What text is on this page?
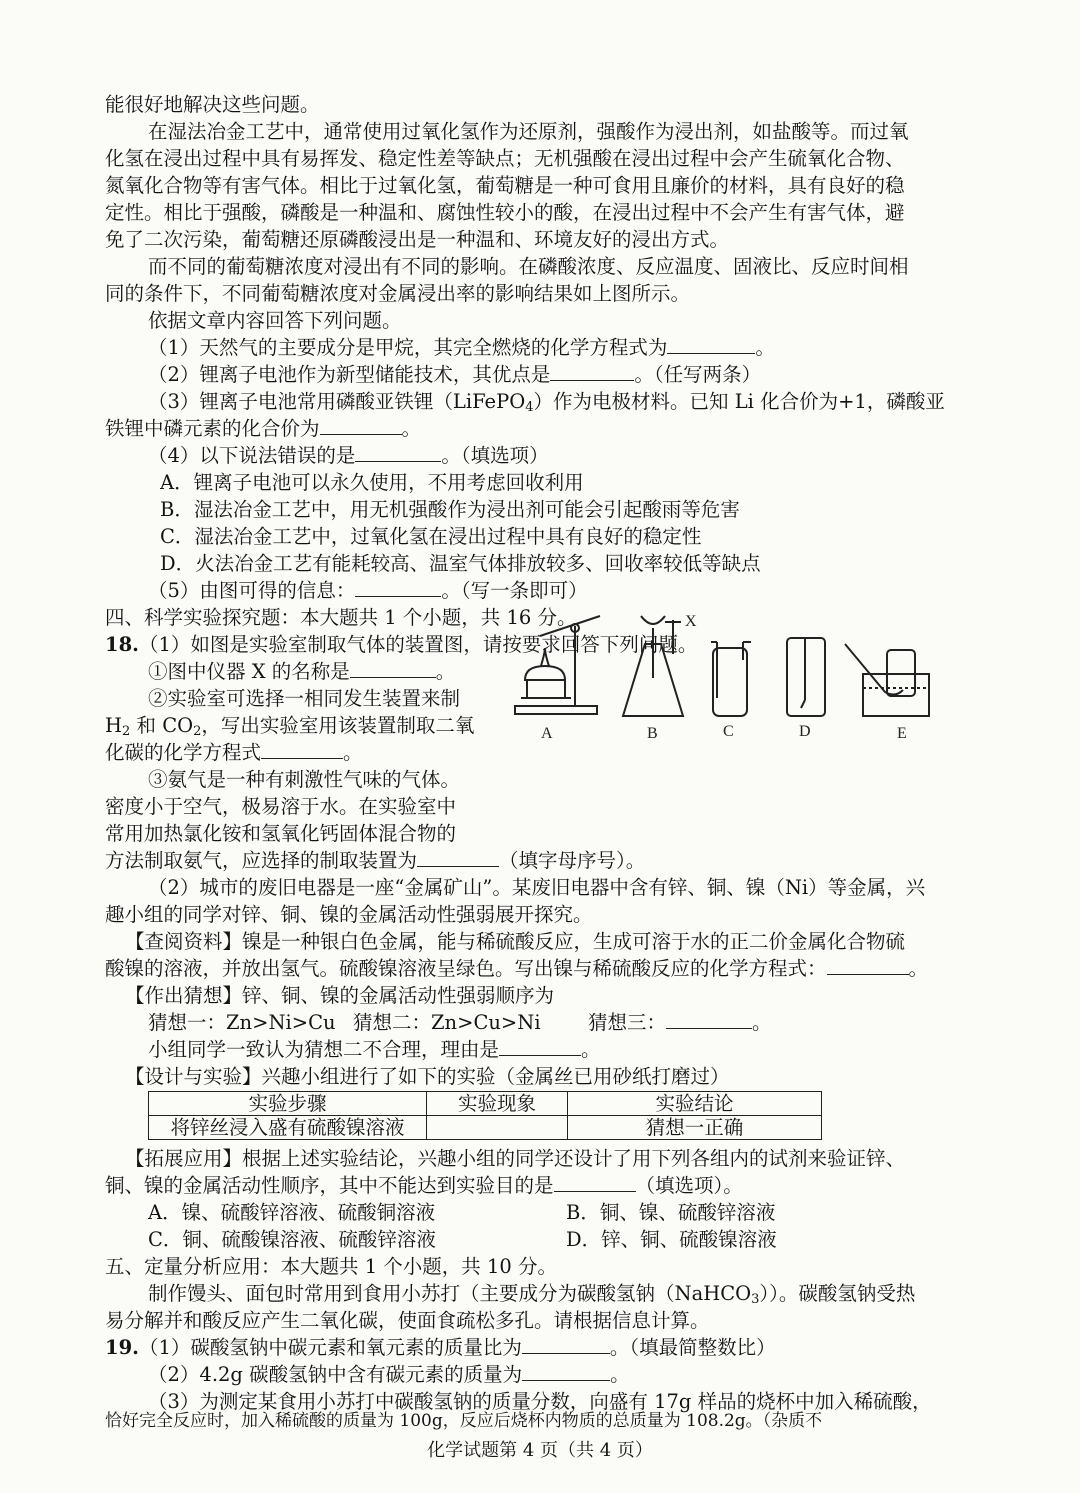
能很好地解决这些问题。
在湿法冶金工艺中，通常使用过氧化氢作为还原剂，强酸作为浸出剂，如盐酸等。而过氧
化氢在浸出过程中具有易挥发、稳定性差等缺点；无机强酸在浸出过程中会产生硫氧化合物、
氮氧化合物等有害气体。相比于过氧化氢，葡萄糖是一种可食用且廉价的材料，具有良好的稳
定性。相比于强酸，磷酸是一种温和、腐蚀性较小的酸，在浸出过程中不会产生有害气体，避
免了二次污染，葡萄糖还原磷酸浸出是一种温和、环境友好的浸出方式。
而不同的葡萄糖浓度对浸出有不同的影响。在磷酸浓度、反应温度、固液比、反应时间相
同的条件下，不同葡萄糖浓度对金属浸出率的影响结果如上图所示。
依据文章内容回答下列问题。
（1）天然气的主要成分是甲烷，其完全燃烧的化学方程式为	。
（2）锂离子电池作为新型储能技术，其优点是	。（任写两条）
（3）锂离子电池常用磷酸亚铁锂（LiFePO$_4$）作为电极材料。已知 Li 化合价为+1，磷酸亚
铁锂中磷元素的化合价为	。
（4）以下说法错误的是	。（填选项）
A．锂离子电池可以永久使用，不用考虑回收利用
B．湿法冶金工艺中，用无机强酸作为浸出剂可能会引起酸雨等危害
C．湿法冶金工艺中，过氧化氢在浸出过程中具有良好的稳定性
D．火法冶金工艺有能耗较高、温室气体排放较多、回收率较低等缺点
（5）由图可得的信息：	。（写一条即可）
四、科学实验探究题：本大题共 1 个小题，共 16 分。
18.（1）如图是实验室制取气体的装置图，请按要求回答下列问题。
①图中仪器 X 的名称是	。
②实验室可选择一相同发生装置来制
$H_2$ 和 $CO_2$，写出实验室用该装置制取二氧
化碳的化学方程式	。
③氨气是一种有刺激性气味的气体。
密度小于空气，极易溶于水。在实验室中
常用加热氯化铵和氢氧化钙固体混合物的
方法制取氨气，应选择的制取装置为	（填字母序号）。
A	B	C	D	E
X
（2）城市的废旧电器是一座“金属矿山”。某废旧电器中含有锌、铜、镍（Ni）等金属，兴
趣小组的同学对锌、铜、镍的金属活动性强弱展开探究。
【查阅资料】镍是一种银白色金属，能与稀硫酸反应，生成可溶于水的正二价金属化合物硫
酸镍的溶液，并放出氢气。硫酸镍溶液呈绿色。写出镍与稀硫酸反应的化学方程式：	。
【作出猜想】锌、铜、镍的金属活动性强弱顺序为
猜想一：Zn>Ni>Cu 猜想二：Zn>Cu>Ni 猜想三：	。
小组同学一致认为猜想二不合理，理由是	。
【设计与实验】兴趣小组进行了如下的实验（金属丝已用砂纸打磨过）
实验步骤	实验现象	实验结论
将锌丝浸入盛有硫酸镍溶液		猜想一正确
【拓展应用】根据上述实验结论，兴趣小组的同学还设计了用下列各组内的试剂来验证锌、
铜、镍的金属活动性顺序，其中不能达到实验目的是	（填选项）。
A．镍、硫酸锌溶液、硫酸铜溶液	B．铜、镍、硫酸锌溶液
C．铜、硫酸镍溶液、硫酸锌溶液	D．锌、铜、硫酸镍溶液
五、定量分析应用：本大题共 1 个小题，共 10 分。
制作馒头、面包时常用到食用小苏打（主要成分为碳酸氢钠（NaHCO$_3$））。碳酸氢钠受热
易分解并和酸反应产生二氧化碳，使面食疏松多孔。请根据信息计算。
19.（1）碳酸氢钠中碳元素和氧元素的质量比为	。（填最简整数比）
（2）4.2g 碳酸氢钠中含有碳元素的质量为	。
（3）为测定某食用小苏打中碳酸氢钠的质量分数，向盛有 17g 样品的烧杯中加入稀硫酸，
化学试题第 4 页（共 4 页）
恰好完全反应时，加入稀硫酸的质量为 100g，反应后烧杯内物质的总质量为 108.2g。（杂质不
